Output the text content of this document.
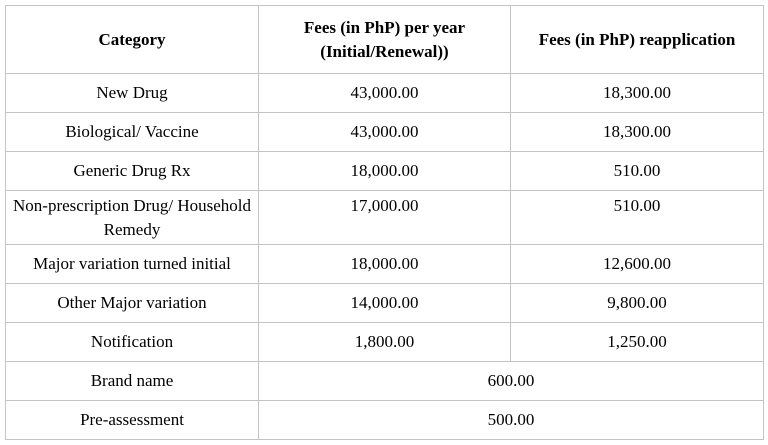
Category	Fees (in PhP) per year (Initial/Renewal))	Fees (in PhP) reapplication
New Drug	43,000.00	18,300.00
Biological/ Vaccine	43,000.00	18,300.00
Generic Drug Rx	18,000.00	510.00
Non-prescription Drug/ Household Remedy	17,000.00	510.00
Major variation turned initial	18,000.00	12,600.00
Other Major variation	14,000.00	9,800.00
Notification	1,800.00	1,250.00
Brand name	600.00	
Pre-assessment	500.00	
